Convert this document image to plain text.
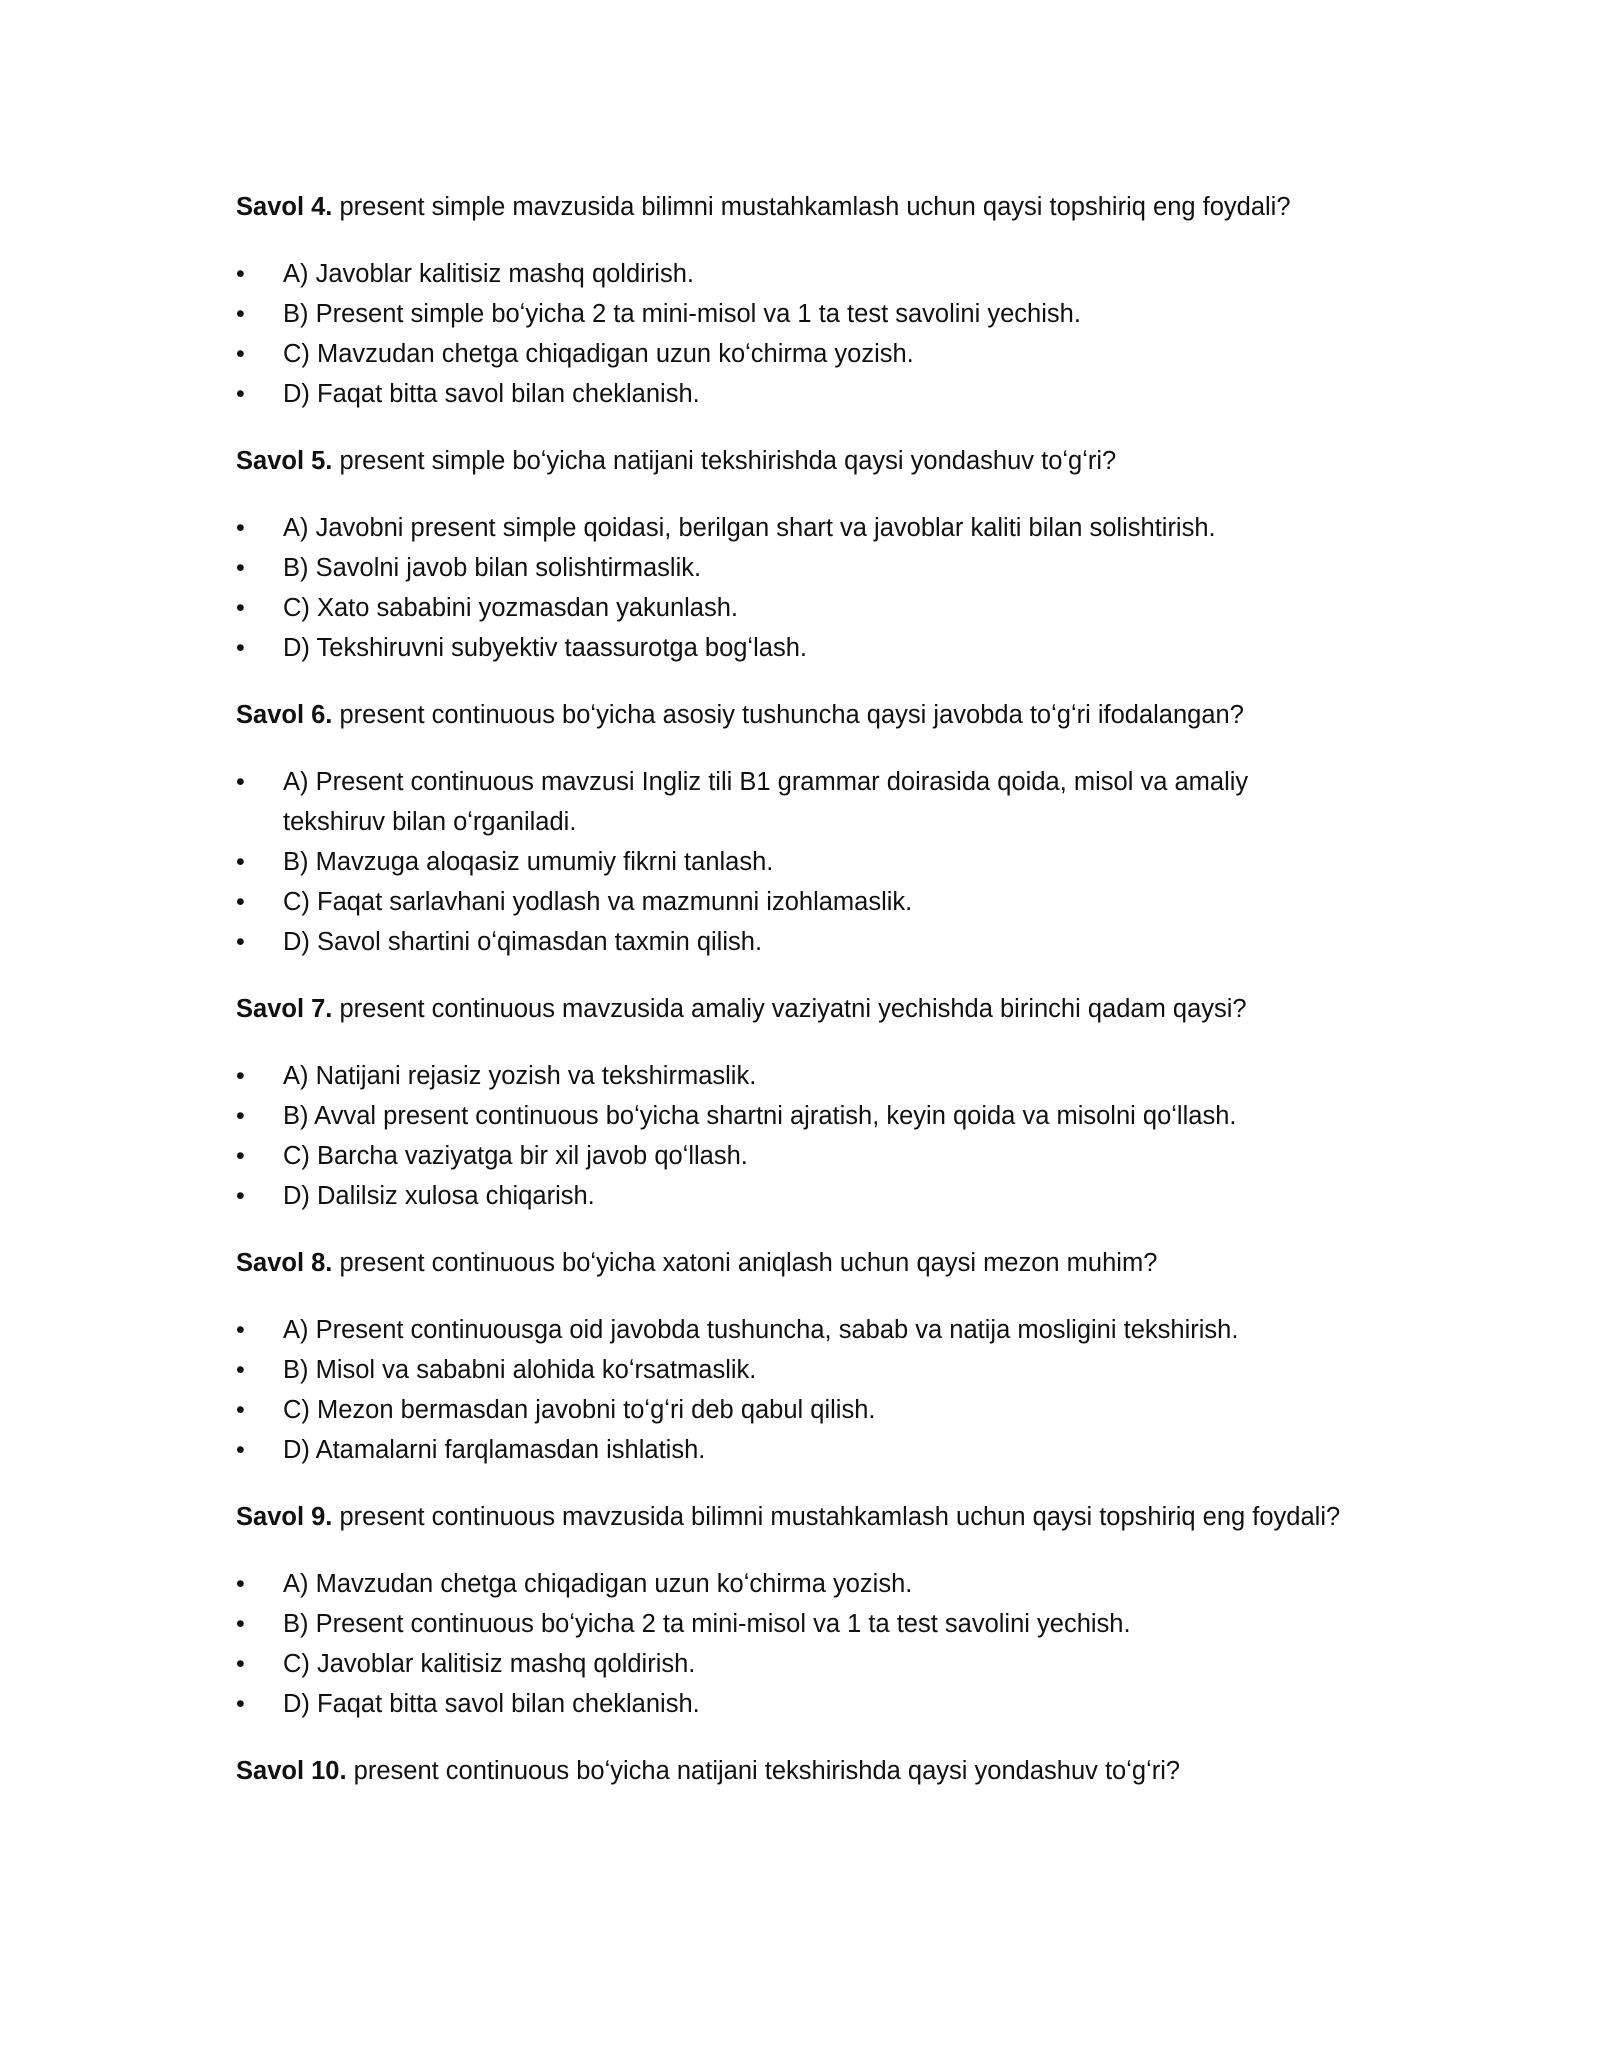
Savol 4. present simple mavzusida bilimni mustahkamlash uchun qaysi topshiriq eng foydali?

•	A) Javoblar kalitisiz mashq qoldirish.
•	B) Present simple boʻyicha 2 ta mini-misol va 1 ta test savolini yechish.
•	C) Mavzudan chetga chiqadigan uzun koʻchirma yozish.
•	D) Faqat bitta savol bilan cheklanish.

Savol 5. present simple boʻyicha natijani tekshirishda qaysi yondashuv toʻgʻri?

•	A) Javobni present simple qoidasi, berilgan shart va javoblar kaliti bilan solishtirish.
•	B) Savolni javob bilan solishtirmaslik.
•	C) Xato sababini yozmasdan yakunlash.
•	D) Tekshiruvni subyektiv taassurotga bogʻlash.

Savol 6. present continuous boʻyicha asosiy tushuncha qaysi javobda toʻgʻri ifodalangan?

•	A) Present continuous mavzusi Ingliz tili B1 grammar doirasida qoida, misol va amaliy tekshiruv bilan oʻrganiladi.
•	B) Mavzuga aloqasiz umumiy fikrni tanlash.
•	C) Faqat sarlavhani yodlash va mazmunni izohlamaslik.
•	D) Savol shartini oʻqimasdan taxmin qilish.

Savol 7. present continuous mavzusida amaliy vaziyatni yechishda birinchi qadam qaysi?

•	A) Natijani rejasiz yozish va tekshirmaslik.
•	B) Avval present continuous boʻyicha shartni ajratish, keyin qoida va misolni qoʻllash.
•	C) Barcha vaziyatga bir xil javob qoʻllash.
•	D) Dalilsiz xulosa chiqarish.

Savol 8. present continuous boʻyicha xatoni aniqlash uchun qaysi mezon muhim?

•	A) Present continuousga oid javobda tushuncha, sabab va natija mosligini tekshirish.
•	B) Misol va sababni alohida koʻrsatmaslik.
•	C) Mezon bermasdan javobni toʻgʻri deb qabul qilish.
•	D) Atamalarni farqlamasdan ishlatish.

Savol 9. present continuous mavzusida bilimni mustahkamlash uchun qaysi topshiriq eng foydali?

•	A) Mavzudan chetga chiqadigan uzun koʻchirma yozish.
•	B) Present continuous boʻyicha 2 ta mini-misol va 1 ta test savolini yechish.
•	C) Javoblar kalitisiz mashq qoldirish.
•	D) Faqat bitta savol bilan cheklanish.

Savol 10. present continuous boʻyicha natijani tekshirishda qaysi yondashuv toʻgʻri?
